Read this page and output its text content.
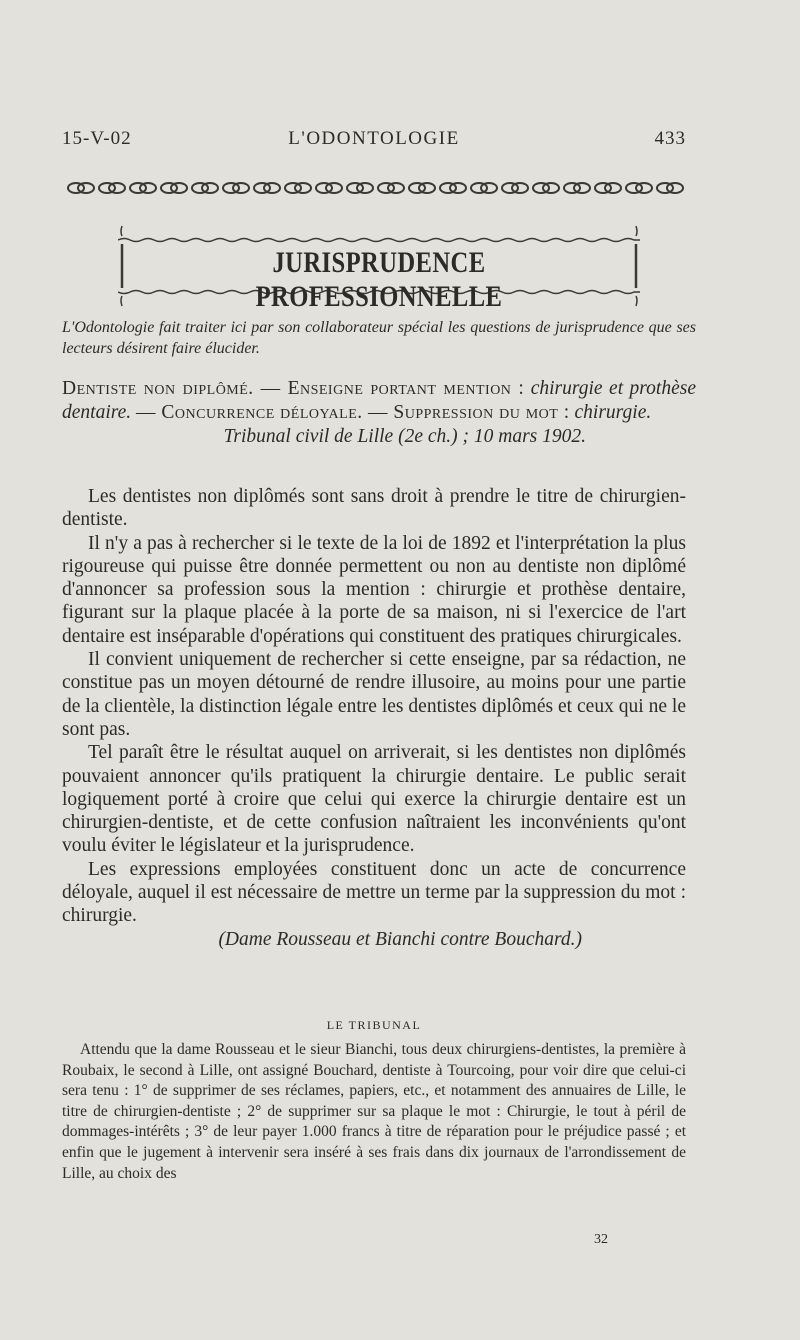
15-V-02	L'ODONTOLOGIE	433
JURISPRUDENCE PROFESSIONNELLE
L'Odontologie fait traiter ici par son collaborateur spécial les questions de jurisprudence que ses lecteurs désirent faire élucider.

Dentiste non diplômé. — Enseigne portant mention : chirurgie et prothèse dentaire. — Concurrence déloyale. — Suppression du mot : chirurgie.

Tribunal civil de Lille (2e ch.) ; 10 mars 1902.

Les dentistes non diplômés sont sans droit à prendre le titre de chirurgien-dentiste.

Il n'y a pas à rechercher si le texte de la loi de 1892 et l'interprétation la plus rigoureuse qui puisse être donnée permettent ou non au dentiste non diplômé d'annoncer sa profession sous la mention : chirurgie et prothèse dentaire, figurant sur la plaque placée à la porte de sa maison, ni si l'exercice de l'art dentaire est inséparable d'opérations qui constituent des pratiques chirurgicales.

Il convient uniquement de rechercher si cette enseigne, par sa rédaction, ne constitue pas un moyen détourné de rendre illusoire, au moins pour une partie de la clientèle, la distinction légale entre les dentistes diplômés et ceux qui ne le sont pas.

Tel paraît être le résultat auquel on arriverait, si les dentistes non diplômés pouvaient annoncer qu'ils pratiquent la chirurgie dentaire. Le public serait logiquement porté à croire que celui qui exerce la chirurgie dentaire est un chirurgien-dentiste, et de cette confusion naîtraient les inconvénients qu'ont voulu éviter le législateur et la jurisprudence.

Les expressions employées constituent donc un acte de concurrence déloyale, auquel il est nécessaire de mettre un terme par la suppression du mot : chirurgie.

(Dame Rousseau et Bianchi contre Bouchard.)

LE TRIBUNAL

Attendu que la dame Rousseau et le sieur Bianchi, tous deux chirurgiens-dentistes, la première à Roubaix, le second à Lille, ont assigné Bouchard, dentiste à Tourcoing, pour voir dire que celui-ci sera tenu : 1° de supprimer de ses réclames, papiers, etc., et notamment des annuaires de Lille, le titre de chirurgien-dentiste ; 2° de supprimer sur sa plaque le mot : Chirurgie, le tout à péril de dommages-intérêts ; 3° de leur payer 1.000 francs à titre de réparation pour le préjudice passé ; et enfin que le jugement à intervenir sera inséré à ses frais dans dix journaux de l'arrondissement de Lille, au choix des

32
